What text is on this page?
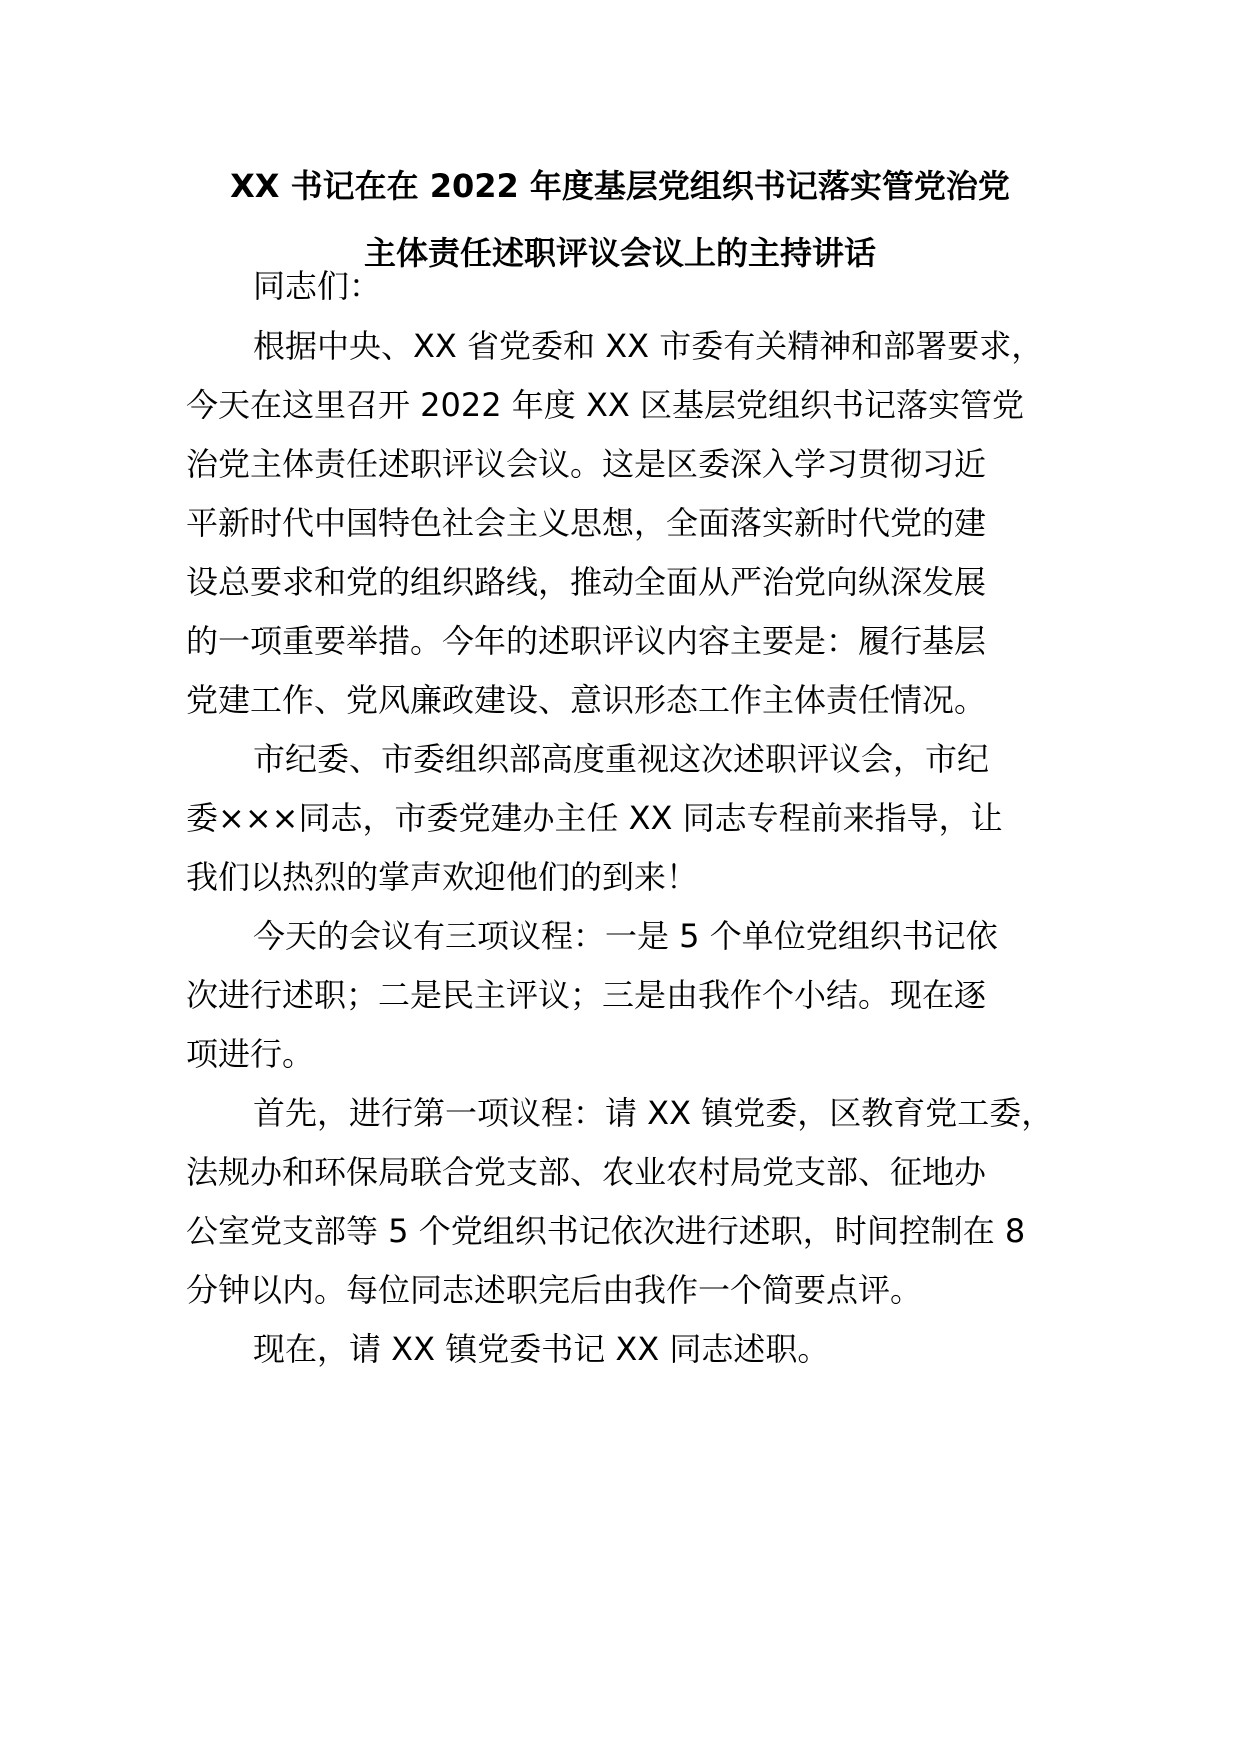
XX 书记在在 2022 年度基层党组织书记落实管党治党
主体责任述职评议会议上的主持讲话
同志们：
根据中央、XX 省党委和 XX 市委有关精神和部署要求，
今天在这里召开 2022 年度 XX 区基层党组织书记落实管党
治党主体责任述职评议会议。这是区委深入学习贯彻习近
平新时代中国特色社会主义思想，全面落实新时代党的建
设总要求和党的组织路线，推动全面从严治党向纵深发展
的一项重要举措。今年的述职评议内容主要是：履行基层
党建工作、党风廉政建设、意识形态工作主体责任情况。
市纪委、市委组织部高度重视这次述职评议会，市纪
委×××同志，市委党建办主任 XX 同志专程前来指导，让
我们以热烈的掌声欢迎他们的到来！
今天的会议有三项议程：一是 5 个单位党组织书记依
次进行述职；二是民主评议；三是由我作个小结。现在逐
项进行。
首先，进行第一项议程：请 XX 镇党委，区教育党工委，
法规办和环保局联合党支部、农业农村局党支部、征地办
公室党支部等 5 个党组织书记依次进行述职，时间控制在 8
分钟以内。每位同志述职完后由我作一个简要点评。
现在，请 XX 镇党委书记 XX 同志述职。
